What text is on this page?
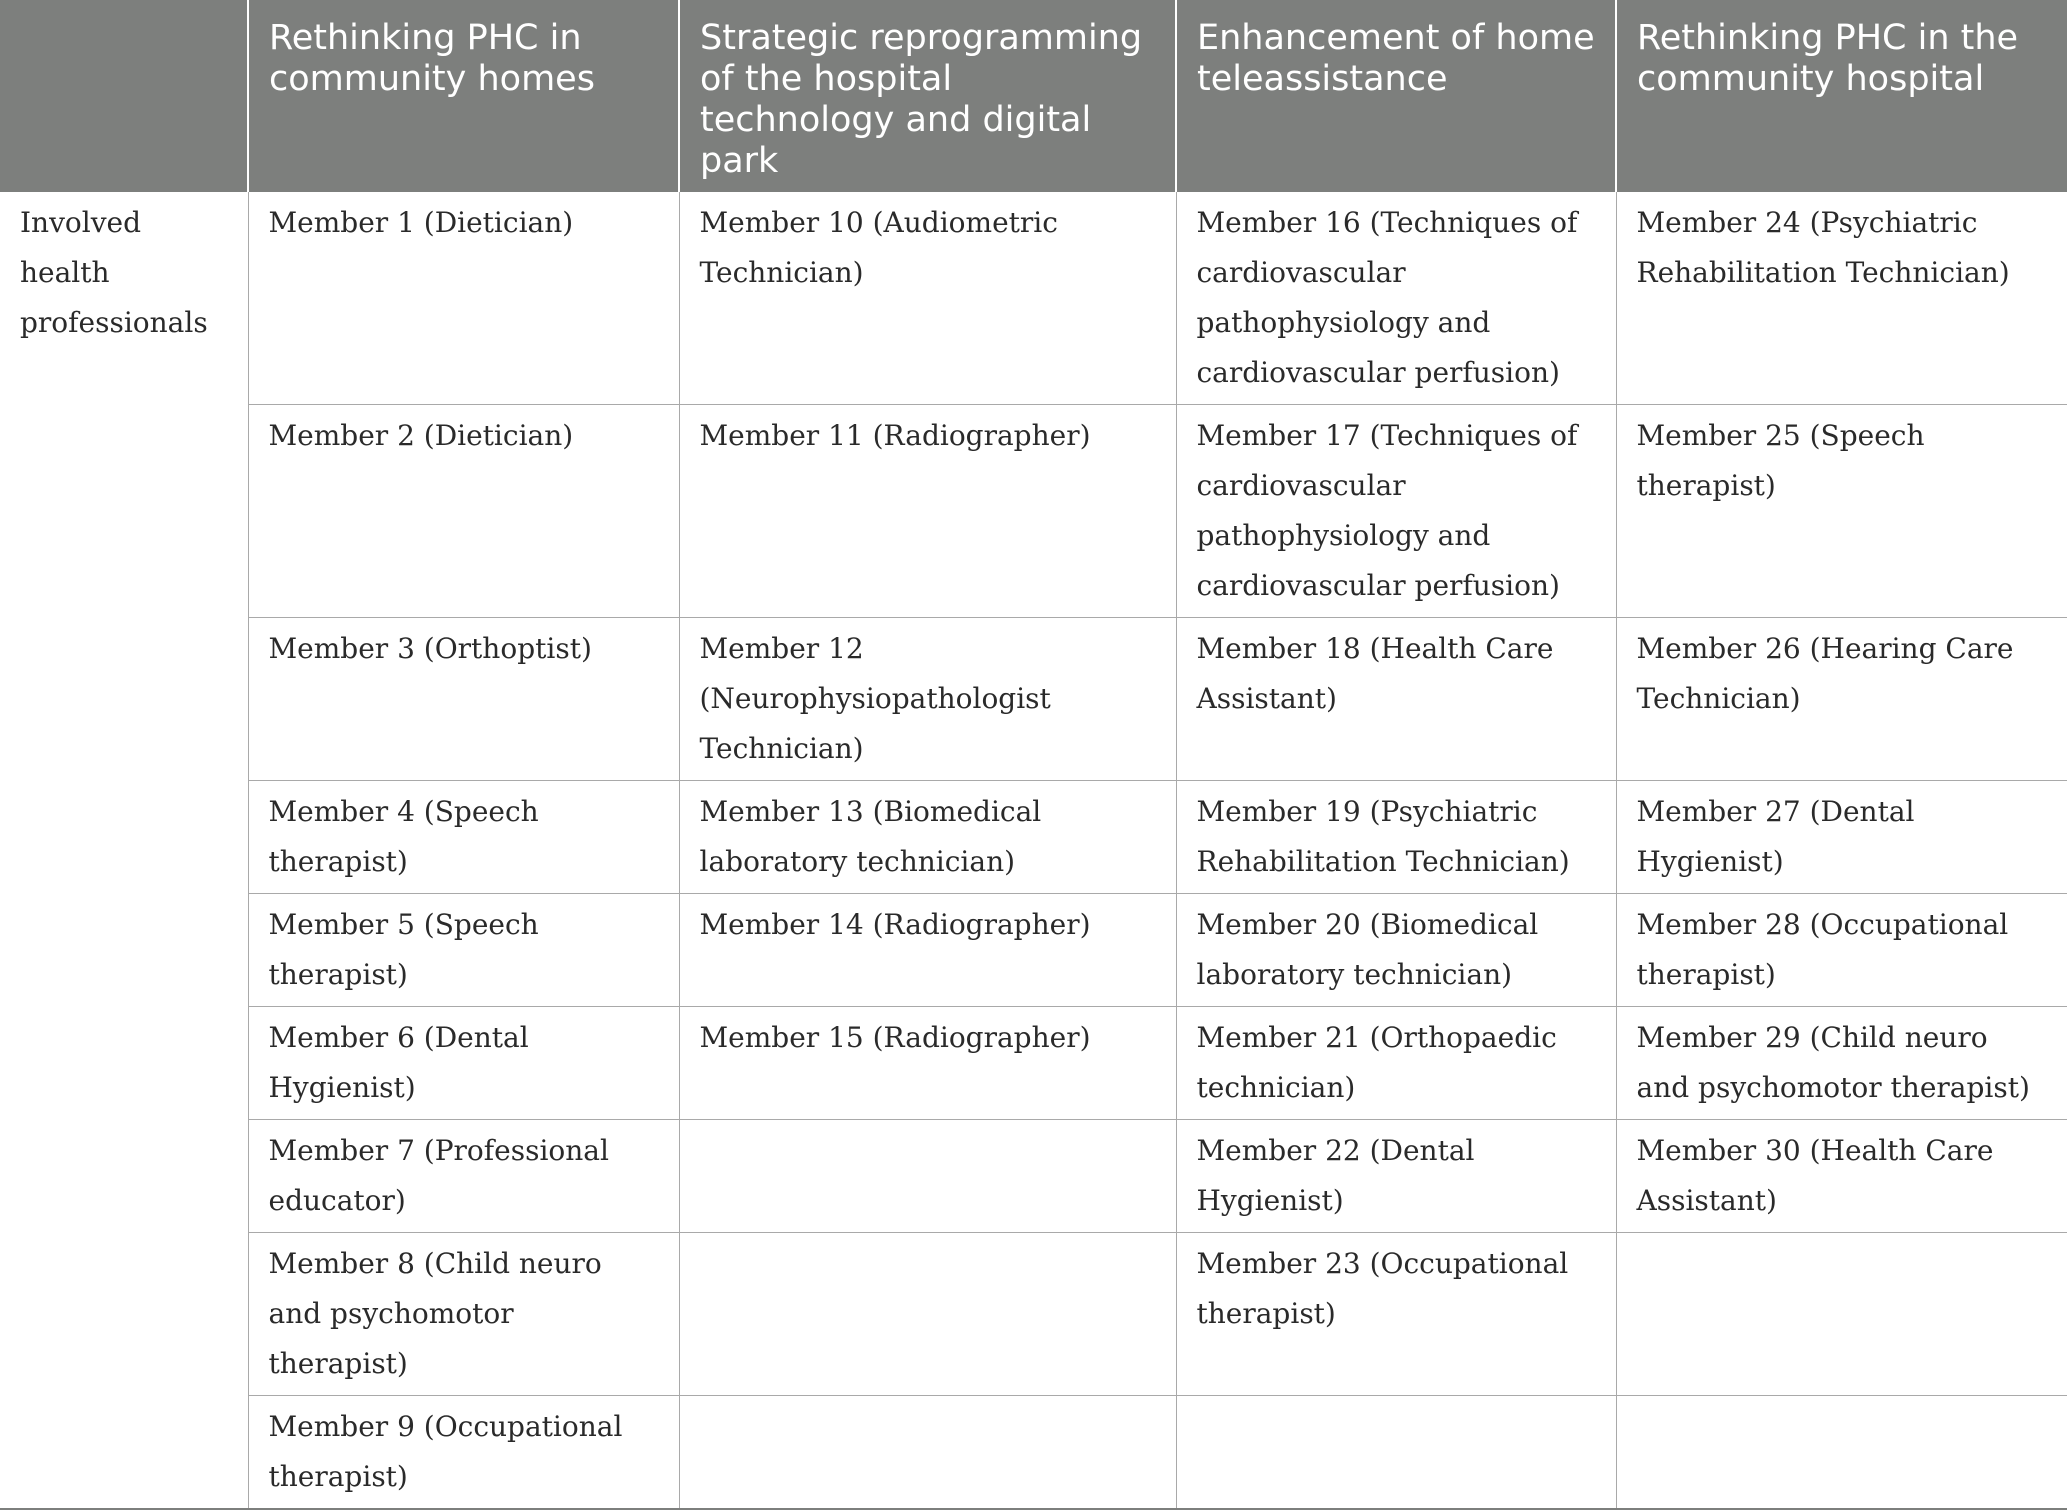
	Rethinking PHC in community homes	Strategic reprogramming of the hospital technology and digital park	Enhancement of home teleassistance	Rethinking PHC in the community hospital
Involved health professionals	Member 1 (Dietician)	Member 10 (Audiometric Technician)	Member 16 (Techniques of cardiovascular pathophysiology and cardiovascular perfusion)	Member 24 (Psychiatric Rehabilitation Technician)
	Member 2 (Dietician)	Member 11 (Radiographer)	Member 17 (Techniques of cardiovascular pathophysiology and cardiovascular perfusion)	Member 25 (Speech therapist)
	Member 3 (Orthoptist)	Member 12 (Neurophysiopathologist Technician)	Member 18 (Health Care Assistant)	Member 26 (Hearing Care Technician)
	Member 4 (Speech therapist)	Member 13 (Biomedical laboratory technician)	Member 19 (Psychiatric Rehabilitation Technician)	Member 27 (Dental Hygienist)
	Member 5 (Speech therapist)	Member 14 (Radiographer)	Member 20 (Biomedical laboratory technician)	Member 28 (Occupational therapist)
	Member 6 (Dental Hygienist)	Member 15 (Radiographer)	Member 21 (Orthopaedic technician)	Member 29 (Child neuro and psychomotor therapist)
	Member 7 (Professional educator)		Member 22 (Dental Hygienist)	Member 30 (Health Care Assistant)
	Member 8 (Child neuro and psychomotor therapist)		Member 23 (Occupational therapist)	
	Member 9 (Occupational therapist)			
